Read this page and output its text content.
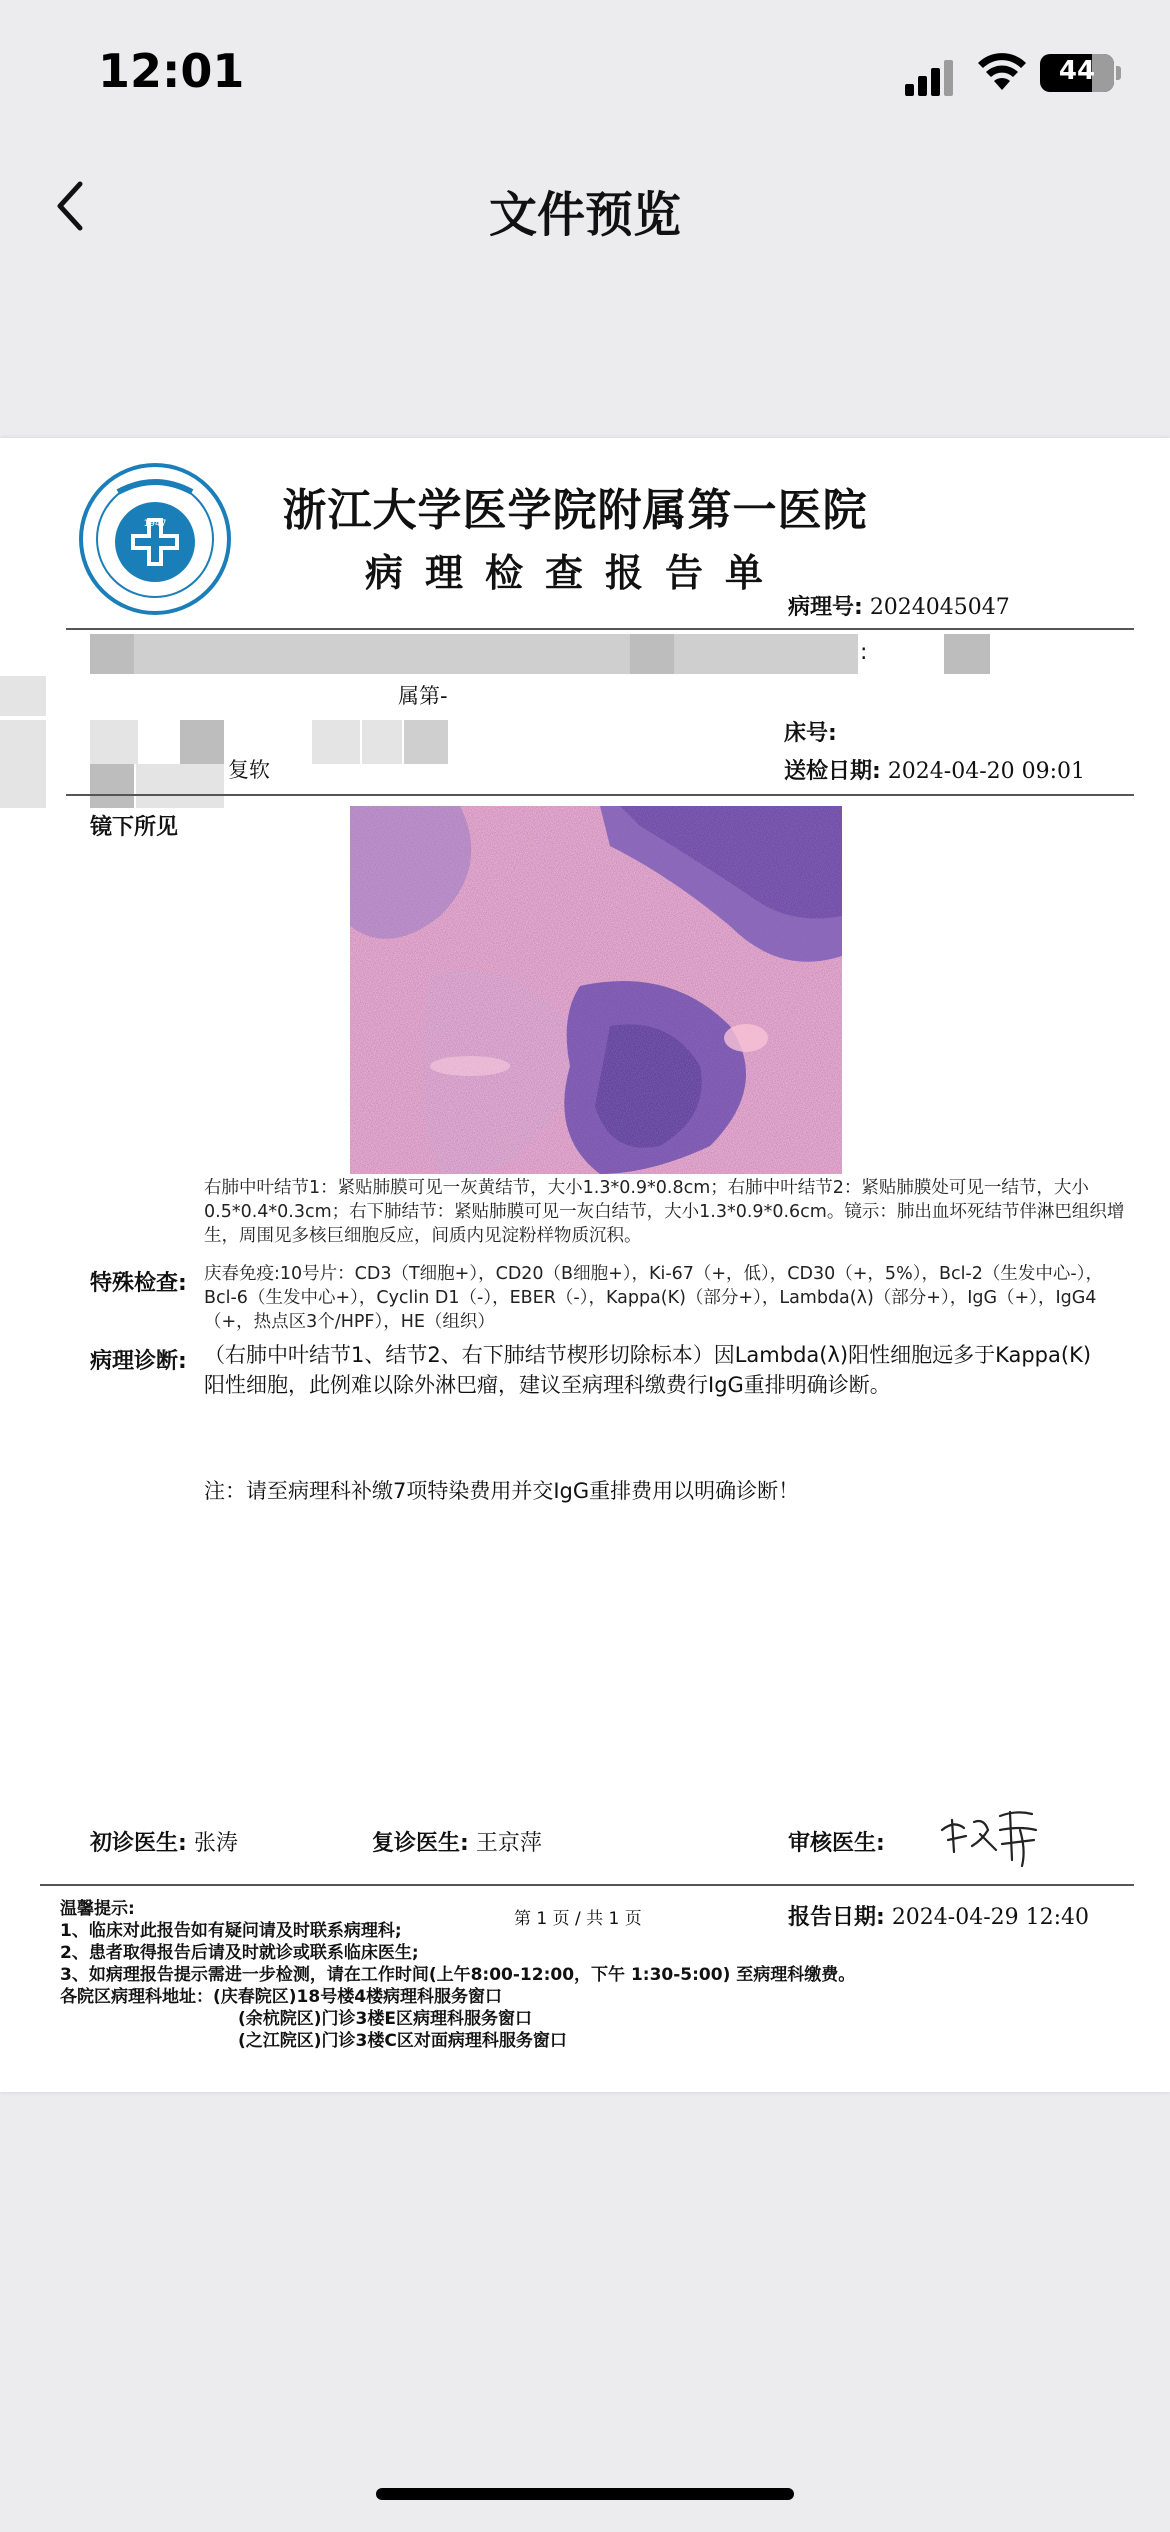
12:01	44
文件预览
1947	浙江大学医学院附属第一医院
病理检查报告单
病理号: 2024045047
:
属第-
复软
床号:
送检日期: 2024-04-20 09:01
镜下所见
右肺中叶结节1：紧贴肺膜可见一灰黄结节，大小1.3*0.9*0.8cm；右肺中叶结节2：紧贴肺膜处可见一结节，大小0.5*0.4*0.3cm；右下肺结节：紧贴肺膜可见一灰白结节，大小1.3*0.9*0.6cm。镜示：肺出血坏死结节伴淋巴组织增生，周围见多核巨细胞反应，间质内见淀粉样物质沉积。
特殊检查: 庆春免疫:10号片：CD3（T细胞+），CD20（B细胞+），Ki-67（+，低），CD30（+，5%），Bcl-2（生发中心-），Bcl-6（生发中心+），Cyclin D1（-），EBER（-），Kappa(K)（部分+），Lambda(λ)（部分+），IgG（+），IgG4（+，热点区3个/HPF），HE（组织）
病理诊断: （右肺中叶结节1、结节2、右下肺结节楔形切除标本）因Lambda(λ)阳性细胞远多于Kappa(K)阳性细胞，此例难以除外淋巴瘤，建议至病理科缴费行IgG重排明确诊断。
注：请至病理科补缴7项特染费用并交IgG重排费用以明确诊断！
初诊医生: 张涛	复诊医生: 王京萍	审核医生:
第 1 页 / 共 1 页	报告日期: 2024-04-29 12:40
温馨提示:
1、临床对此报告如有疑问请及时联系病理科;
2、患者取得报告后请及时就诊或联系临床医生;
3、如病理报告提示需进一步检测，请在工作时间(上午8:00-12:00，下午 1:30-5:00) 至病理科缴费。
各院区病理科地址：(庆春院区)18号楼4楼病理科服务窗口
(余杭院区)门诊3楼E区病理科服务窗口
(之江院区)门诊3楼C区对面病理科服务窗口
